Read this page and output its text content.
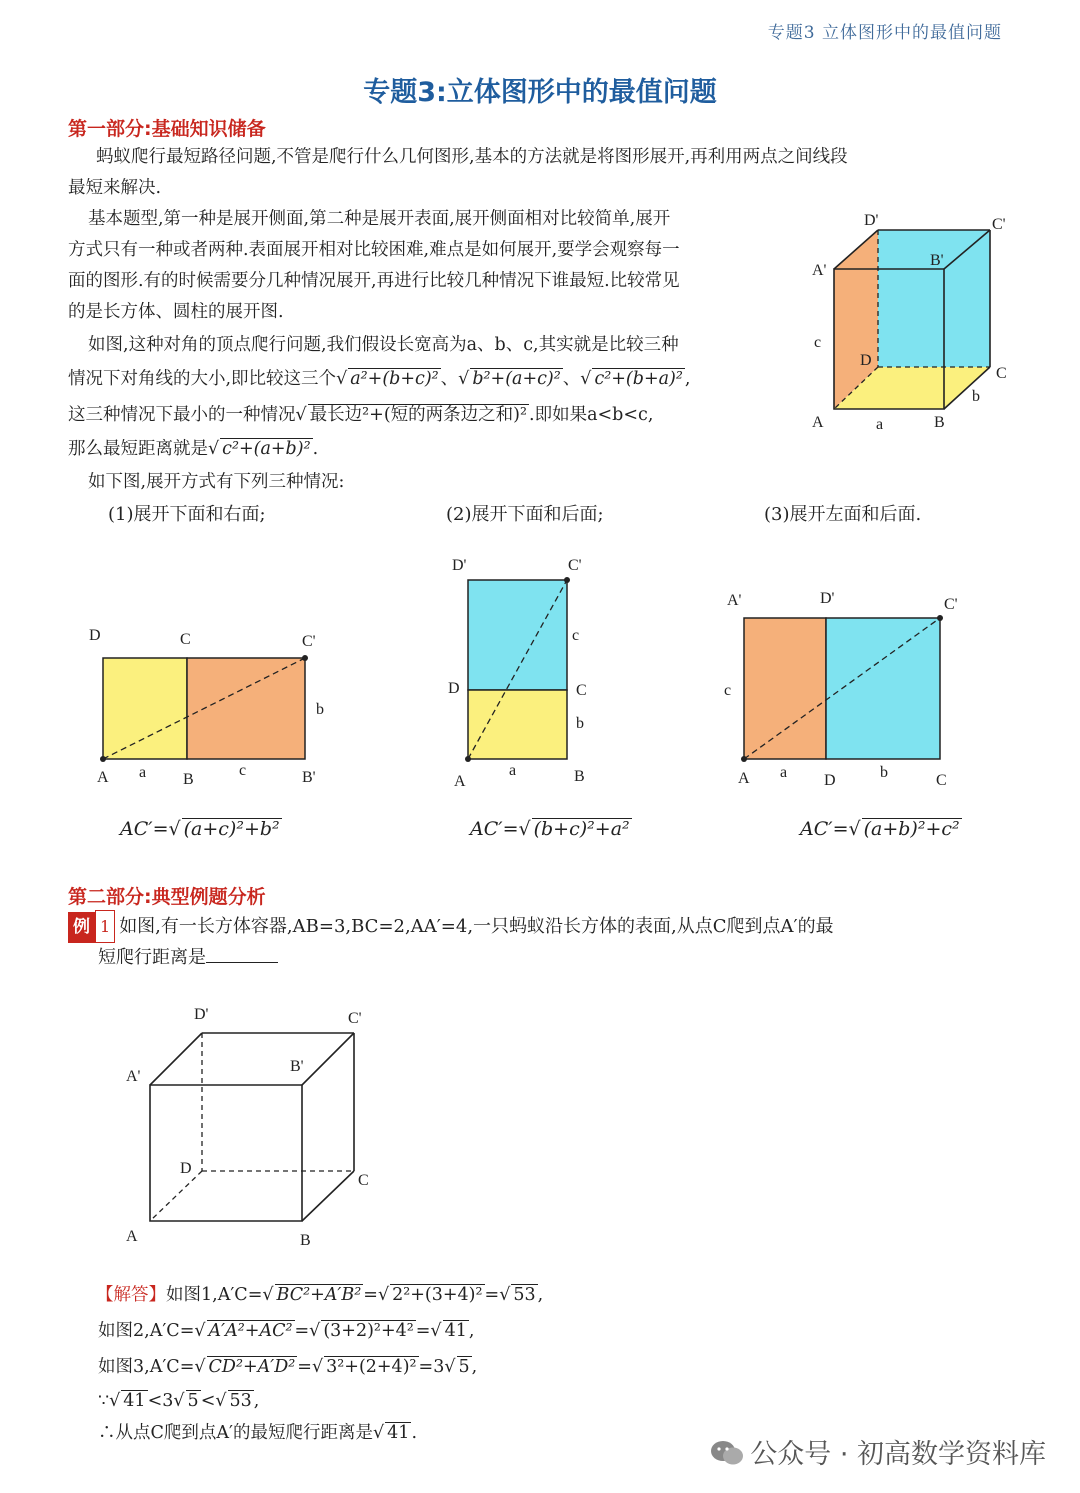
专题3 立体图形中的最值问题
专题3:立体图形中的最值问题
第一部分:基础知识储备
蚂蚁爬行最短路径问题,不管是爬行什么几何图形,基本的方法就是将图形展开,再利用两点之间线段
最短来解决.
基本题型,第一种是展开侧面,第二种是展开表面,展开侧面相对比较简单,展开
方式只有一种或者两种.表面展开相对比较困难,难点是如何展开,要学会观察每一
面的图形.有的时候需要分几种情况展开,再进行比较几种情况下谁最短.比较常见
的是长方体、圆柱的展开图.
如图,这种对角的顶点爬行问题,我们假设长宽高为a、b、c,其实就是比较三种
情况下对角线的大小,即比较这三个√ a²+(b+c)² 、√ b²+(a+c)² 、√ c²+(b+a)² ,
这三种情况下最小的一种情况√ 最长边²+(短的两条边之和)² .即如果a<b<c,
那么最短距离就是√ c²+(a+b)² .
如下图,展开方式有下列三种情况:
(1)展开下面和右面;	(2)展开下面和后面;	(3)展开左面和后面.
D'	C'
A'
B'
c
D
C
b
A	a	B
D	C	C'
b
A a B
c	B'
D'	C'
c
D	C
b
A
a	B
A'	D'	C'
c
A a D	b	C
AC′=√ (a+c)²+b²	AC′=√ (b+c)²+a²	AC′=√ (a+b)²+c²
第二部分:典型例题分析
例 1 如图,有一长方体容器,AB=3,BC=2,AA′=4,一只蚂蚁沿长方体的表面,从点C爬到点A′的最
短爬行距离是
D'	C'
A'
B'
D
C
A	B
【解答】如图1,A′C=√ BC²+A′B² =√ 2²+(3+4)² =√ 53 ,
如图2,A′C=√ A′A²+AC² =√ (3+2)²+4² =√ 41 ,
如图3,A′C=√ CD²+A′D² =√ 3²+(2+4)² =3√ 5 ,
∵√ 41 <3√ 5 <√ 53 ,
∴从点C爬到点A′的最短爬行距离是√ 41 .
公众号 · 初高数学资料库
